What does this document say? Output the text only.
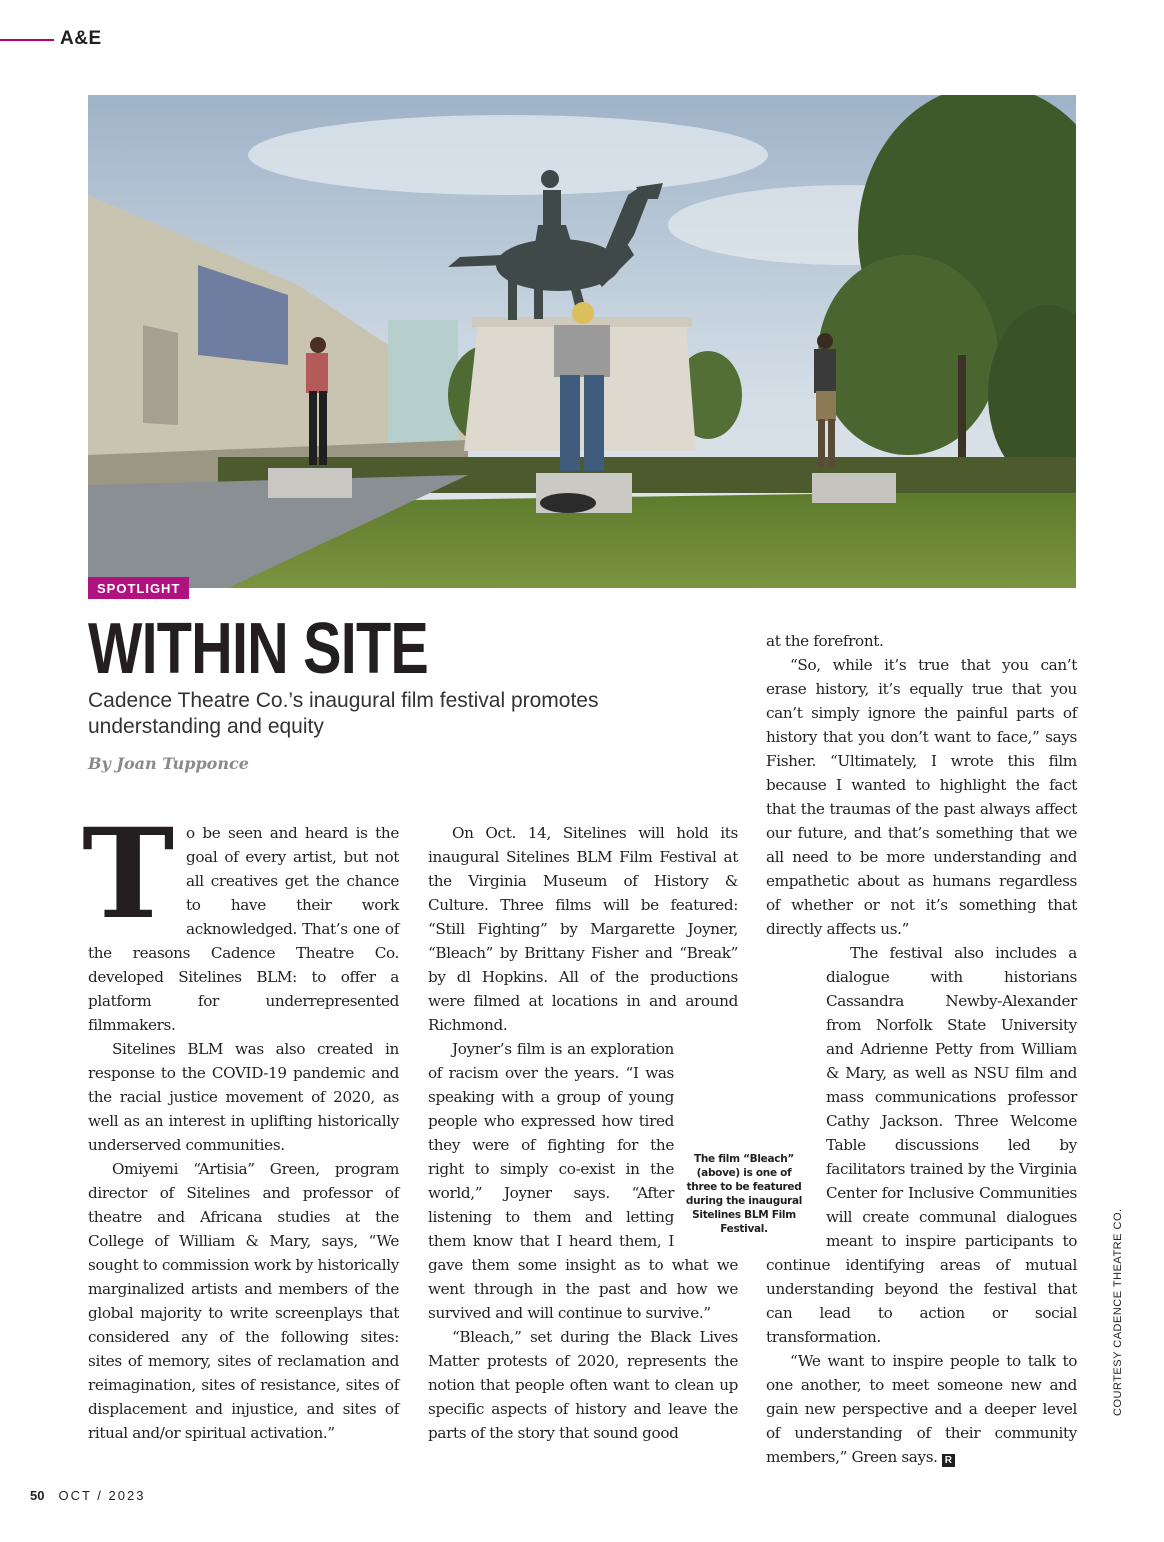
A&E
SPOTLIGHT
WITHIN SITE

Cadence Theatre Co.’s inaugural film festival promotes understanding and equity

By Joan Tupponce

To be seen and heard is the goal of every artist, but not all creatives get the chance to have their work acknowledged. That’s one of the reasons Cadence Theatre Co. developed Sitelines BLM: to offer a platform for underrepresented filmmakers.

Sitelines BLM was also created in response to the COVID-19 pandemic and the racial justice movement of 2020, as well as an interest in uplifting historically underserved communities.

Omiyemi “Artisia” Green, program director of Sitelines and professor of theatre and Africana studies at the College of William & Mary, says, “We sought to commission work by historically marginalized artists and members of the global majority to write screenplays that considered any of the following sites: sites of memory, sites of reclamation and reimagination, sites of resistance, sites of displacement and injustice, and sites of ritual and/or spiritual activation.”

On Oct. 14, Sitelines will hold its inaugural Sitelines BLM Film Festival at the Virginia Museum of History & Culture. Three films will be featured: “Still Fighting” by Margarette Joyner, “Bleach” by Brittany Fisher and “Break” by dl Hopkins. All of the productions were filmed at locations in and around Richmond.

Joyner’s film is an exploration of racism over the years. “I was speaking with a group of young people who expressed how tired they were of fighting for the right to simply co-exist in the world,” Joyner says. “After listening to them and letting them know that I heard them, I gave them some insight as to what we went through in the past and how we survived and will continue to survive.”

“Bleach,” set during the Black Lives Matter protests of 2020, represents the notion that people often want to clean up specific aspects of history and leave the parts of the story that sound good

at the forefront.

“So, while it’s true that you can’t erase history, it’s equally true that you can’t simply ignore the painful parts of history that you don’t want to face,” says Fisher. “Ultimately, I wrote this film because I wanted to highlight the fact that the traumas of the past always affect our future, and that’s something that we all need to be more understanding and empathetic about as humans regardless of whether or not it’s something that directly affects us.”

The festival also includes a dialogue with historians Cassandra Newby-Alexander from Norfolk State University and Adrienne Petty from William & Mary, as well as NSU film and mass communications professor Cathy Jackson. Three Welcome Table discussions led by facilitators trained by the Virginia Center for Inclusive Communities will create communal dialogues meant to inspire participants to continue identifying areas of mutual understanding beyond the festival that can lead to action or social transformation.

“We want to inspire people to talk to one another, to meet someone new and gain new perspective and a deeper level of understanding of their community members,” Green says. R

The film “Bleach” (above) is one of three to be featured during the inaugural Sitelines BLM Film Festival.	COURTESY CADENCE THEATRE CO.
50 OCT / 2023
